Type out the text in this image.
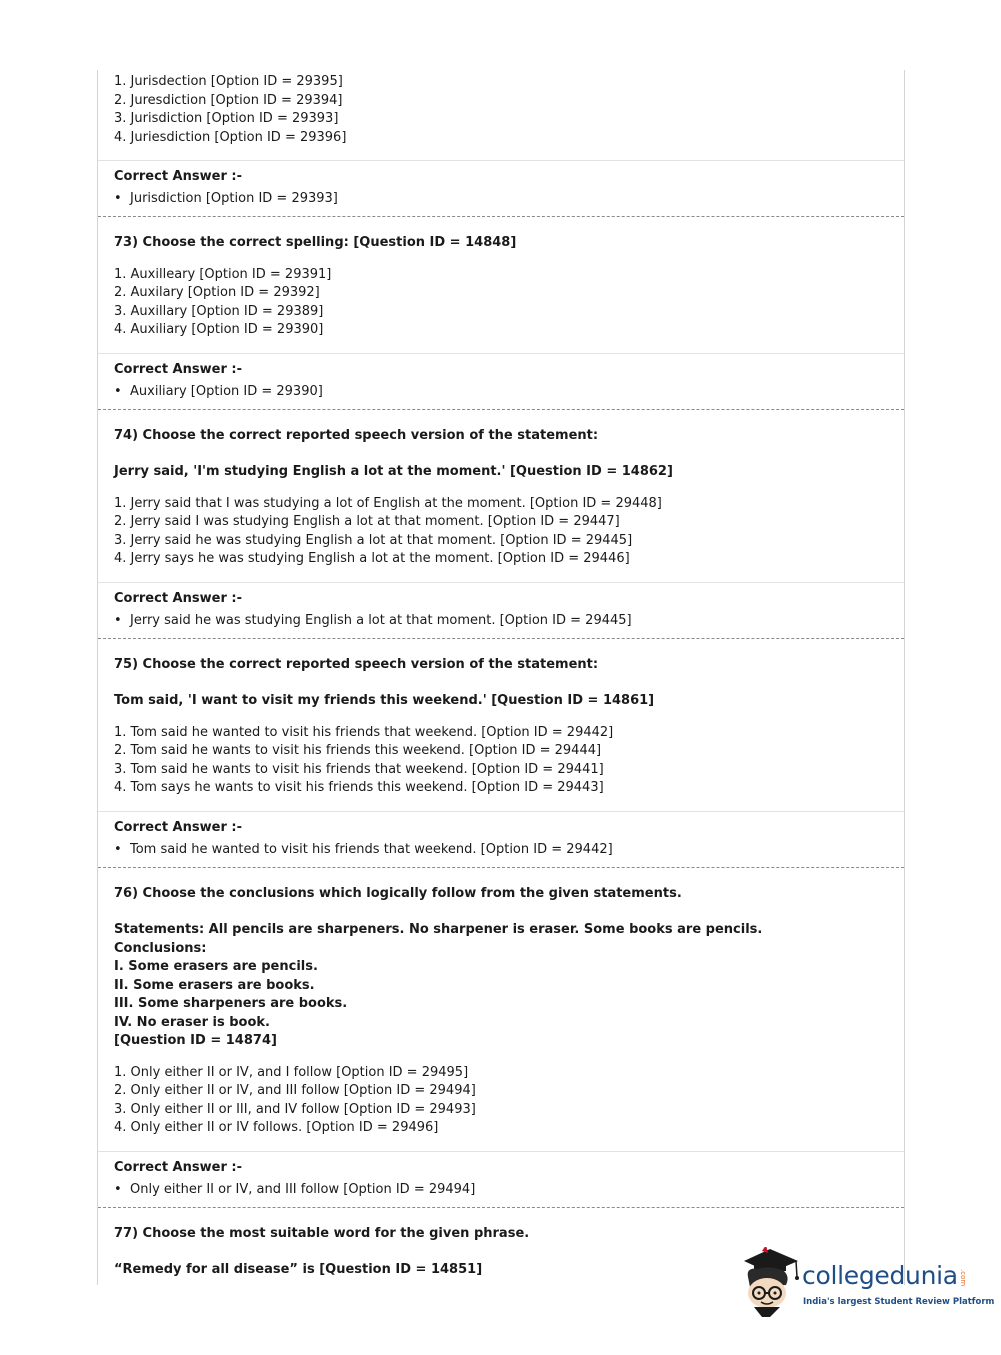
1. Jurisdection [Option ID = 29395]

2. Juresdiction [Option ID = 29394]

3. Jurisdiction [Option ID = 29393]

4. Juriesdiction [Option ID = 29396]

Correct Answer :-

• Jurisdiction [Option ID = 29393]

73) Choose the correct spelling: [Question ID = 14848]

1. Auxilleary [Option ID = 29391]

2. Auxilary [Option ID = 29392]

3. Auxillary [Option ID = 29389]

4. Auxiliary [Option ID = 29390]

Correct Answer :-

• Auxiliary [Option ID = 29390]

74) Choose the correct reported speech version of the statement:

Jerry said, 'I'm studying English a lot at the moment.' [Question ID = 14862]

1. Jerry said that I was studying a lot of English at the moment. [Option ID = 29448]

2. Jerry said I was studying English a lot at that moment. [Option ID = 29447]

3. Jerry said he was studying English a lot at that moment. [Option ID = 29445]

4. Jerry says he was studying English a lot at the moment. [Option ID = 29446]

Correct Answer :-

• Jerry said he was studying English a lot at that moment. [Option ID = 29445]

75) Choose the correct reported speech version of the statement:

Tom said, 'I want to visit my friends this weekend.' [Question ID = 14861]

1. Tom said he wanted to visit his friends that weekend. [Option ID = 29442]

2. Tom said he wants to visit his friends this weekend. [Option ID = 29444]

3. Tom said he wants to visit his friends that weekend. [Option ID = 29441]

4. Tom says he wants to visit his friends this weekend. [Option ID = 29443]

Correct Answer :-

• Tom said he wanted to visit his friends that weekend. [Option ID = 29442]

76) Choose the conclusions which logically follow from the given statements.

Statements: All pencils are sharpeners. No sharpener is eraser. Some books are pencils.

Conclusions:

I. Some erasers are pencils.

II. Some erasers are books.

III. Some sharpeners are books.

IV. No eraser is book.

[Question ID = 14874]

1. Only either II or IV, and I follow [Option ID = 29495]

2. Only either II or IV, and III follow [Option ID = 29494]

3. Only either II or III, and IV follow [Option ID = 29493]

4. Only either II or IV follows. [Option ID = 29496]

Correct Answer :-

• Only either II or IV, and III follow [Option ID = 29494]

77) Choose the most suitable word for the given phrase.

“Remedy for all disease” is [Question ID = 14851]	collegedunia .com
India's largest Student Review Platform
